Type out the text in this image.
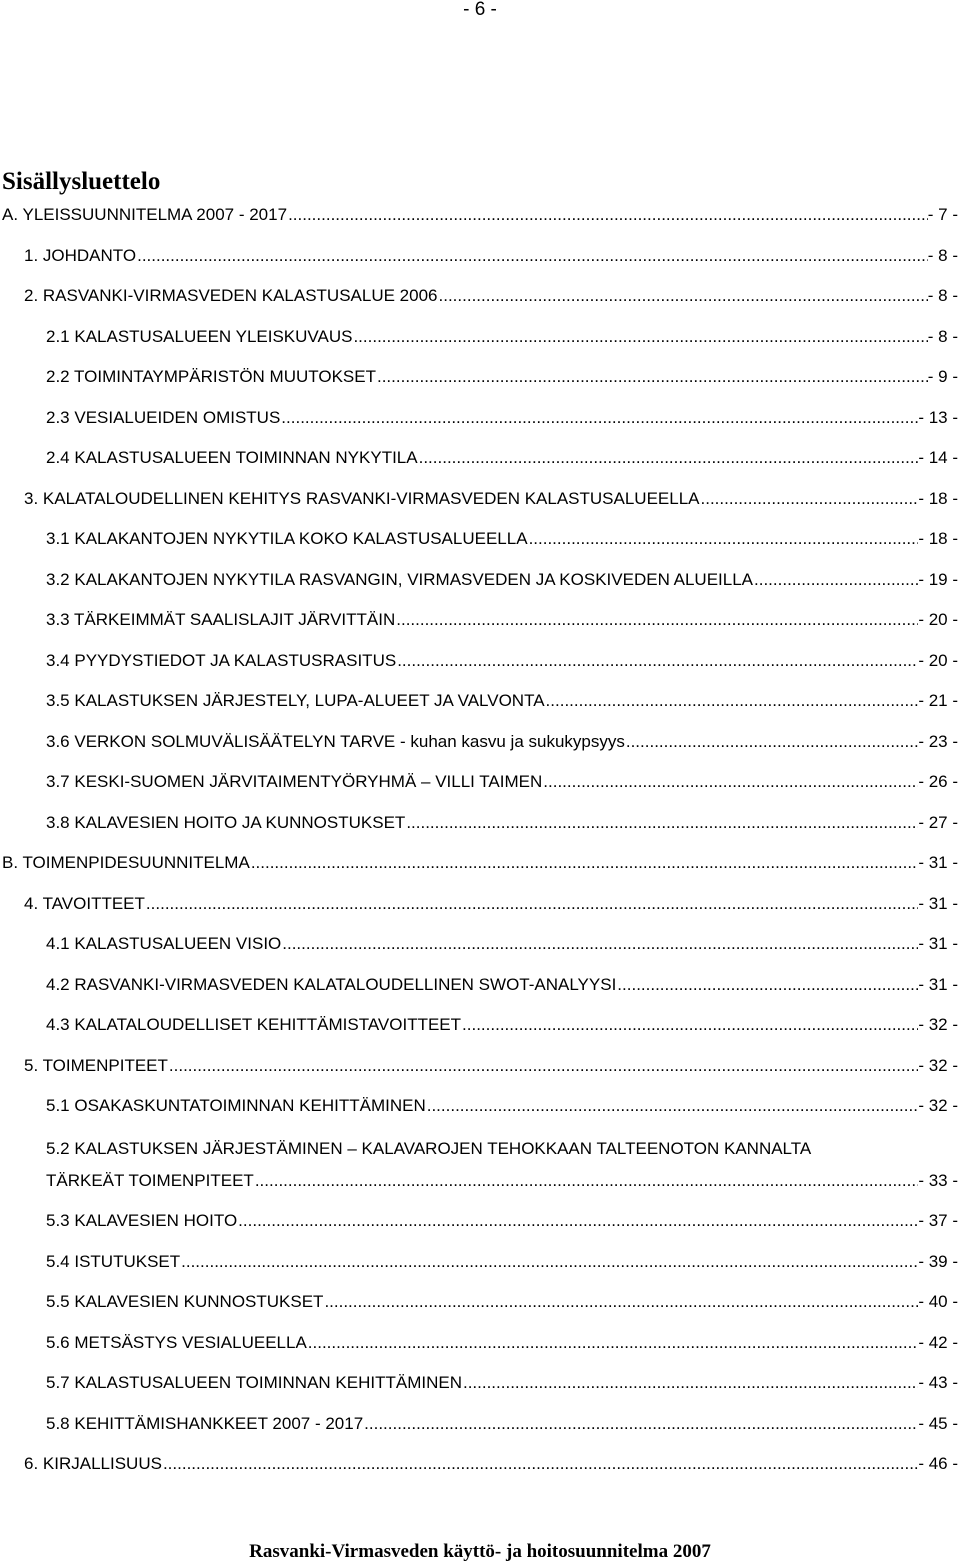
- 6 -
Sisällysluettelo
A. YLEISSUUNNITELMA 2007 - 2017 .....	- 7 -
1. JOHDANTO .....	- 8 -
2. RASVANKI-VIRMASVEDEN KALASTUSALUE 2006 .....	- 8 -
2.1 KALASTUSALUEEN YLEISKUVAUS .....	- 8 -
2.2 TOIMINTAYMPÄRISTÖN MUUTOKSET .....	- 9 -
2.3 VESIALUEIDEN OMISTUS .....	- 13 -
2.4 KALASTUSALUEEN TOIMINNAN NYKYTILA .....	- 14 -
3. KALATALOUDELLINEN KEHITYS RASVANKI-VIRMASVEDEN KALASTUSALUEELLA .....	- 18 -
3.1 KALAKANTOJEN NYKYTILA KOKO KALASTUSALUEELLA .....	- 18 -
3.2 KALAKANTOJEN NYKYTILA RASVANGIN, VIRMASVEDEN JA KOSKIVEDEN ALUEILLA .....	- 19 -
3.3 TÄRKEIMMÄT SAALISLAJIT JÄRVITTÄIN .....	- 20 -
3.4 PYYDYSTIEDOT JA KALASTUSRASITUS .....	- 20 -
3.5 KALASTUKSEN JÄRJESTELY, LUPA-ALUEET JA VALVONTA .....	- 21 -
3.6 VERKON SOLMUVÄLISÄÄTELYN TARVE - kuhan kasvu ja sukukypsyys .....	- 23 -
3.7 KESKI-SUOMEN JÄRVITAIMENTYÖRYHMÄ – VILLI TAIMEN .....	- 26 -
3.8 KALAVESIEN HOITO JA KUNNOSTUKSET .....	- 27 -
B. TOIMENPIDESUUNNITELMA .....	- 31 -
4. TAVOITTEET .....	- 31 -
4.1 KALASTUSALUEEN VISIO .....	- 31 -
4.2 RASVANKI-VIRMASVEDEN KALATALOUDELLINEN SWOT-ANALYYSI .....	- 31 -
4.3 KALATALOUDELLISET KEHITTÄMISTAVOITTEET .....	- 32 -
5. TOIMENPITEET .....	- 32 -
5.1 OSAKASKUNTATOIMINNAN KEHITTÄMINEN .....	- 32 -
5.2 KALASTUKSEN JÄRJESTÄMINEN – KALAVAROJEN TEHOKKAAN TALTEENOTON KANNALTA
TÄRKEÄT TOIMENPITEET .....	- 33 -
5.3 KALAVESIEN HOITO .....	- 37 -
5.4 ISTUTUKSET .....	- 39 -
5.5 KALAVESIEN KUNNOSTUKSET .....	- 40 -
5.6 METSÄSTYS VESIALUEELLA .....	- 42 -
5.7 KALASTUSALUEEN TOIMINNAN KEHITTÄMINEN .....	- 43 -
5.8 KEHITTÄMISHANKKEET 2007 - 2017 .....	- 45 -
6. KIRJALLISUUS .....	- 46 -
Rasvanki-Virmasveden käyttö- ja hoitosuunnitelma 2007
